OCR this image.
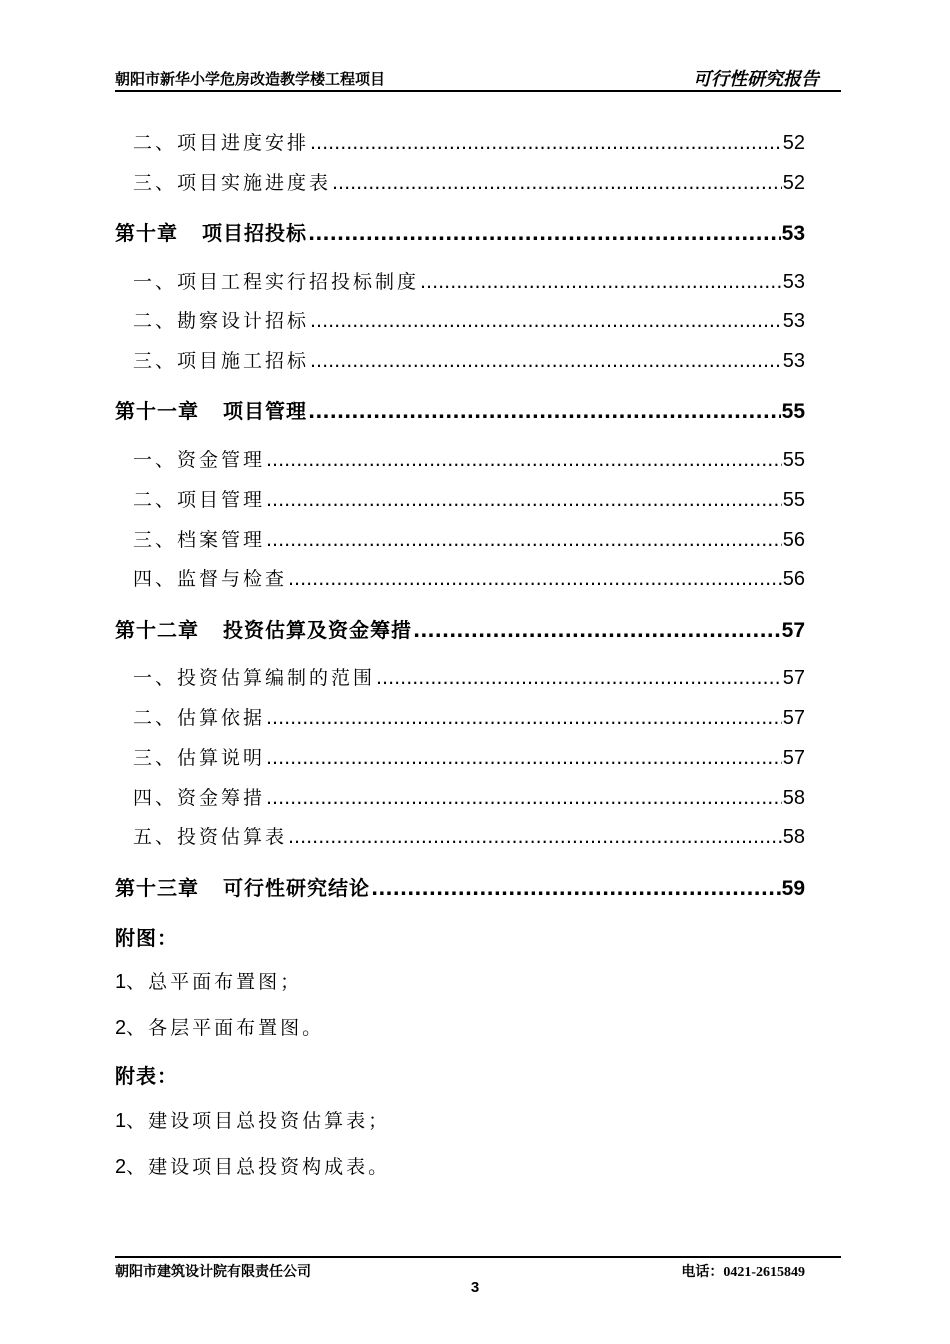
朝阳市新华小学危房改造教学楼工程项目	可行性研究报告
二、项目进度安排 .....	52
三、项目实施进度表 .....	52
第十章 项目招投标 .....	53
一、项目工程实行招投标制度 .....	53
二、勘察设计招标 .....	53
三、项目施工招标 .....	53
第十一章 项目管理 .....	55
一、资金管理 .....	55
二、项目管理 .....	55
三、档案管理 .....	56
四、监督与检查 .....	56
第十二章 投资估算及资金筹措 .....	57
一、投资估算编制的范围 .....	57
二、估算依据 .....	57
三、估算说明 .....	57
四、资金筹措 .....	58
五、投资估算表 .....	58
第十三章 可行性研究结论 .....	59
附图：
1、总平面布置图；
2、各层平面布置图。
附表：
1、建设项目总投资估算表；
2、建设项目总投资构成表。
朝阳市建筑设计院有限责任公司	电话：0421-2615849
3
